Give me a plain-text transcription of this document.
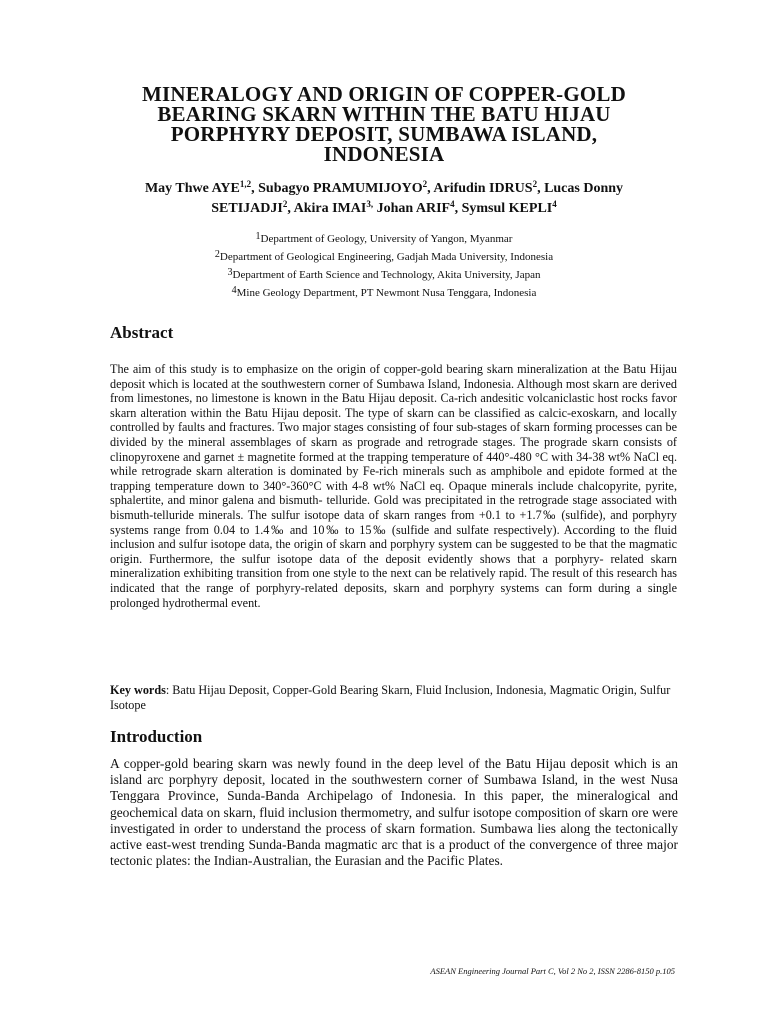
MINERALOGY AND ORIGIN OF COPPER-GOLD
BEARING SKARN WITHIN THE BATU HIJAU
PORPHYRY DEPOSIT, SUMBAWA ISLAND,
INDONESIA
May Thwe AYE$^{1,2}$, Subagyo PRAMUMIJOYO$^2$, Arifudin IDRUS$^2$, Lucas Donny
SETIJADJI$^2$, Akira $IMAI^{3,}$ Johan ARIF$^4$, Symsul KEPLI$^4$
$^1$Department of Geology, University of Yangon, Myanmar
$^2$Department of Geological Engineering, Gadjah Mada University, Indonesia
$^3$Department of Earth Science and Technology, Akita University, Japan
$^4$Mine Geology Department, PT Newmont Nusa Tenggara, Indonesia
Abstract

The aim of this study is to emphasize on the origin of copper-gold bearing skarn mineralization at the Batu Hijau deposit which is located at the southwestern corner of Sumbawa Island, Indonesia. Although most skarn are derived from limestones, no limestone is known in the Batu Hijau deposit. Ca-rich andesitic volcaniclastic host rocks favor skarn alteration within the Batu Hijau deposit. The type of skarn can be classified as calcic-exoskarn, and locally controlled by faults and fractures. Two major stages consisting of four sub-stages of skarn forming processes can be divided by the mineral assemblages of skarn as prograde and retrograde stages. The prograde skarn consists of clinopyroxene and garnet ± magnetite formed at the trapping temperature of 440°-480 °C with 34-38 wt% NaCl eq. while retrograde skarn alteration is dominated by Fe-rich minerals such as amphibole and epidote formed at the trapping temperature down to 340°-360°C with 4-8 wt% NaCl eq. Opaque minerals include chalcopyrite, pyrite, sphalertite, and minor galena and bismuth- telluride. Gold was precipitated in the retrograde stage associated with bismuth-telluride minerals. The sulfur isotope data of skarn ranges from +0.1 to +1.7‰ (sulfide), and porphyry systems range from 0.04 to 1.4‰ and 10‰ to 15‰ (sulfide and sulfate respectively). According to the fluid inclusion and sulfur isotope data, the origin of skarn and porphyry system can be suggested to be that the magmatic origin. Furthermore, the sulfur isotope data of the deposit evidently shows that a porphyry- related skarn mineralization exhibiting transition from one style to the next can be relatively rapid. The result of this research has indicated that the range of porphyry-related deposits, skarn and porphyry systems can form during a single prolonged hydrothermal event.

Key words: Batu Hijau Deposit, Copper-Gold Bearing Skarn, Fluid Inclusion, Indonesia, Magmatic Origin, Sulfur Isotope

Introduction

A copper-gold bearing skarn was newly found in the deep level of the Batu Hijau deposit which is an island arc porphyry deposit, located in the southwestern corner of Sumbawa Island, in the west Nusa Tenggara Province, Sunda-Banda Archipelago of Indonesia. In this paper, the mineralogical and geochemical data on skarn, fluid inclusion thermometry, and sulfur isotope composition of skarn ore were investigated in order to understand the process of skarn formation. Sumbawa lies along the tectonically active east-west trending Sunda-Banda magmatic arc that is a product of the convergence of three major tectonic plates: the Indian-Australian, the Eurasian and the Pacific Plates.

ASEAN Engineering Journal Part C, Vol 2 No 2, ISSN 2286-8150 p.105
